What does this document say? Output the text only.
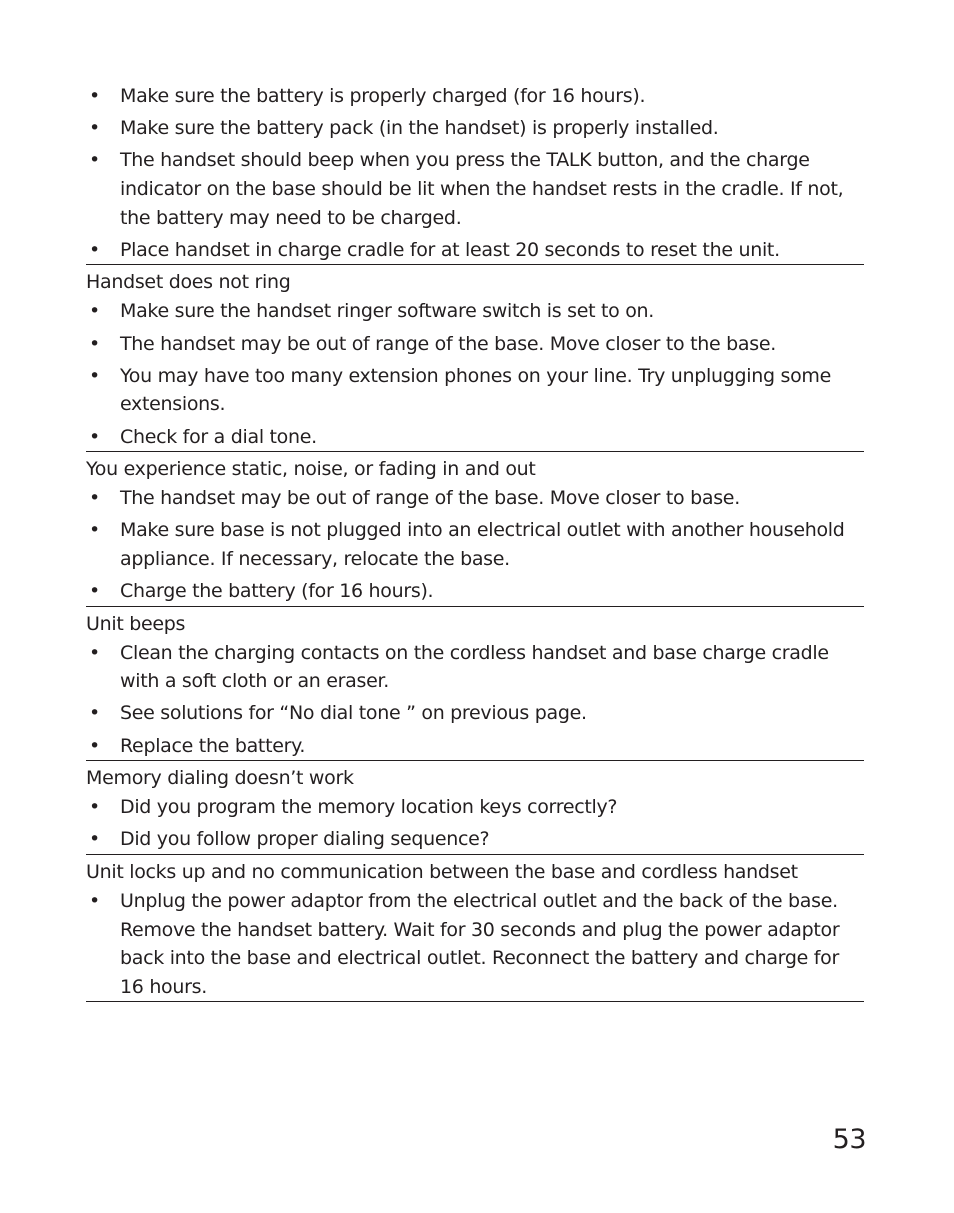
• Make sure the battery is properly charged (for 16 hours).
• Make sure the battery pack (in the handset) is properly installed.
• The handset should beep when you press the TALK button, and the charge indicator on the base should be lit when the handset rests in the cradle. If not, the battery may need to be charged.
• Place handset in charge cradle for at least 20 seconds to reset the unit.
Handset does not ring
• Make sure the handset ringer software switch is set to on.
• The handset may be out of range of the base. Move closer to the base.
• You may have too many extension phones on your line. Try unplugging some extensions.
• Check for a dial tone.
You experience static, noise, or fading in and out
• The handset may be out of range of the base. Move closer to base.
• Make sure base is not plugged into an electrical outlet with another household appliance. If necessary, relocate the base.
• Charge the battery (for 16 hours).
Unit beeps
• Clean the charging contacts on the cordless handset and base charge cradle with a soft cloth or an eraser.
• See solutions for “No dial tone ” on previous page.
• Replace the battery.
Memory dialing doesn’t work
• Did you program the memory location keys correctly?
• Did you follow proper dialing sequence?
Unit locks up and no communication between the base and cordless handset
• Unplug the power adaptor from the electrical outlet and the back of the base. Remove the handset battery. Wait for 30 seconds and plug the power adaptor back into the base and electrical outlet. Reconnect the battery and charge for 16 hours.
53
